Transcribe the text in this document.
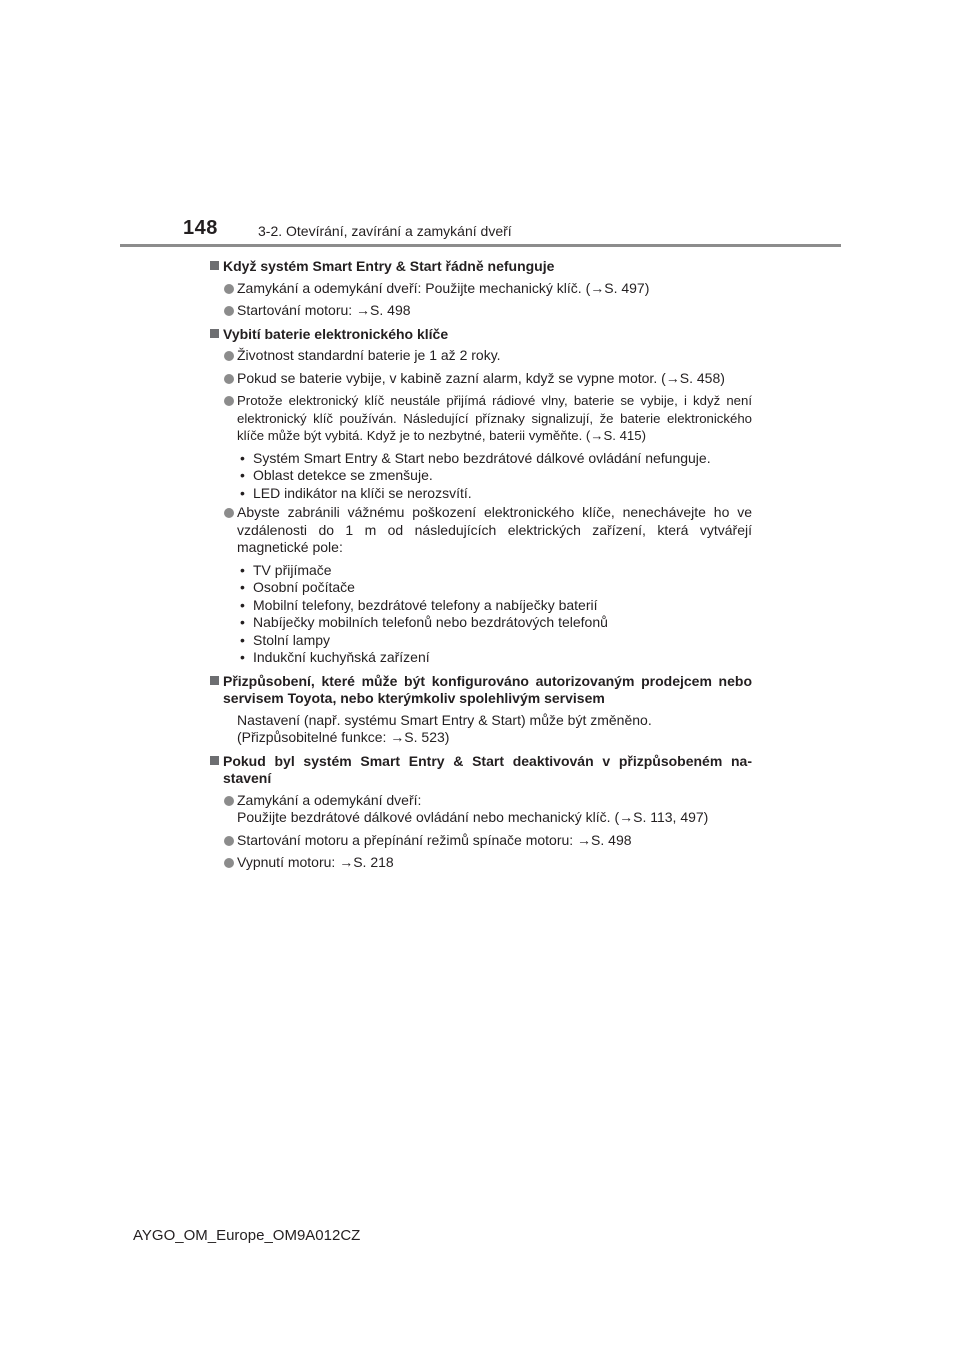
148	3-2. Otevírání, zavírání a zamykání dveří
Když systém Smart Entry & Start řádně nefunguje
Zamykání a odemykání dveří: Použijte mechanický klíč. (→S. 497)
Startování motoru: →S. 498
Vybití baterie elektronického klíče
Životnost standardní baterie je 1 až 2 roky.
Pokud se baterie vybije, v kabině zazní alarm, když se vypne motor. (→S. 458)
Protože elektronický klíč neustále přijímá rádiové vlny, baterie se vybije, i když není elektronický klíč používán. Následující příznaky signalizují, že baterie elektronického klíče může být vybitá. Když je to nezbytné, baterii vyměňte. (→S. 415)
• Systém Smart Entry & Start nebo bezdrátové dálkové ovládání nefunguje.
• Oblast detekce se zmenšuje.
• LED indikátor na klíči se nerozsvítí.
Abyste zabránili vážnému poškození elektronického klíče, nenechávejte ho ve vzdálenosti do 1 m od následujících elektrických zařízení, která vytvářejí magnetické pole:
• TV přijímače
• Osobní počítače
• Mobilní telefony, bezdrátové telefony a nabíječky baterií
• Nabíječky mobilních telefonů nebo bezdrátových telefonů
• Stolní lampy
• Indukční kuchyňská zařízení
Přizpůsobení, které může být konfigurováno autorizovaným prodejcem nebo servisem Toyota, nebo kterýmkoliv spolehlivým servisem
Nastavení (např. systému Smart Entry & Start) může být změněno.
(Přizpůsobitelné funkce: →S. 523)
Pokud byl systém Smart Entry & Start deaktivován v přizpůsobeném na- stavení
Zamykání a odemykání dveří:
Použijte bezdrátové dálkové ovládání nebo mechanický klíč. (→S. 113, 497)
Startování motoru a přepínání režimů spínače motoru: →S. 498
Vypnutí motoru: →S. 218
AYGO_OM_Europe_OM9A012CZ
